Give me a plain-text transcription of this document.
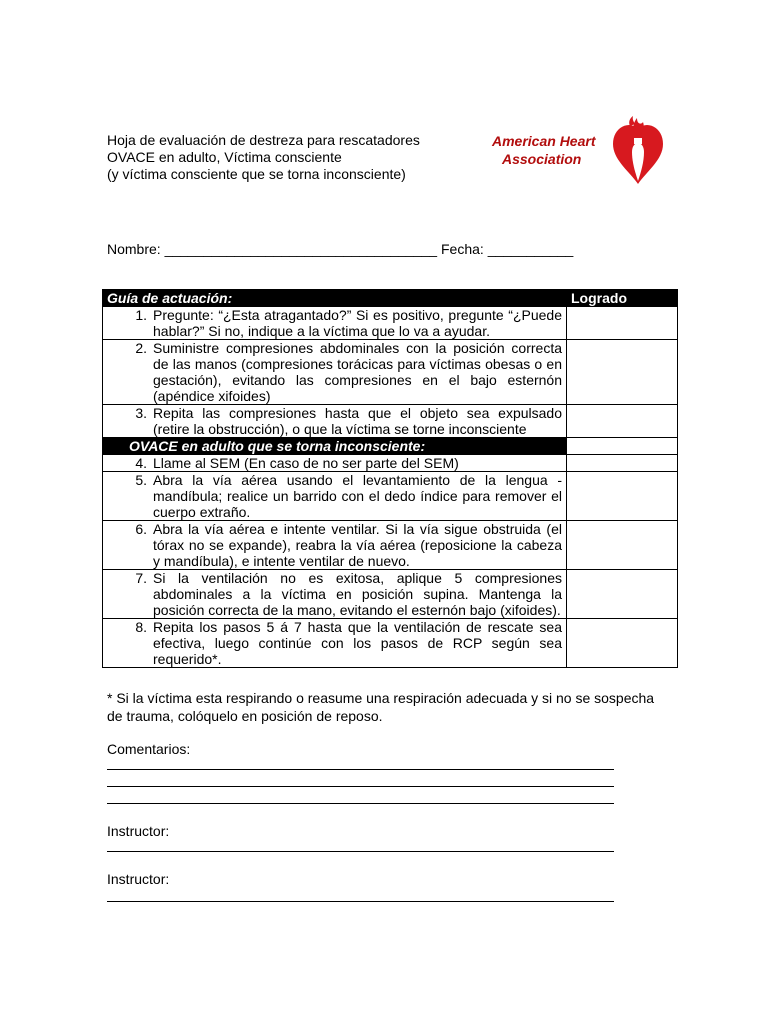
Hoja de evaluación de destreza para rescatadores
OVACE en adulto, Víctima consciente
(y víctima consciente que se torna inconsciente)
American Heart
Association
Nombre: ___________________________________ Fecha: ___________
Guía de actuación:	Logrado

1. Pregunte: “¿Esta atragantado?” Si es positivo, pregunte “¿Puede hablar?” Si no, indique a la víctima que lo va a ayudar.	

2. Suministre compresiones abdominales con la posición correcta de las manos (compresiones torácicas para víctimas obesas o en gestación), evitando las compresiones en el bajo esternón (apéndice xifoides)	

3. Repita las compresiones hasta que el objeto sea expulsado (retire la obstrucción), o que la víctima se torne inconsciente	

OVACE en adulto que se torna inconsciente:	

4. Llame al SEM (En caso de no ser parte del SEM)	

5. Abra la vía aérea usando el levantamiento de la lengua - mandíbula; realice un barrido con el dedo índice para remover el cuerpo extraño.	

6. Abra la vía aérea e intente ventilar. Si la vía sigue obstruida (el tórax no se expande), reabra la vía aérea (reposicione la cabeza y mandíbula), e intente ventilar de nuevo.	

7. Si la ventilación no es exitosa, aplique 5 compresiones abdominales a la víctima en posición supina. Mantenga la posición correcta de la mano, evitando el esternón bajo (xifoides).	

8. Repita los pasos 5 á 7 hasta que la ventilación de rescate sea efectiva, luego continúe con los pasos de RCP según sea requerido*.	

* Si la víctima esta respirando o reasume una respiración adecuada y si no se sospecha de trauma, colóquelo en posición de reposo.
Comentarios:
Instructor:
Instructor:
